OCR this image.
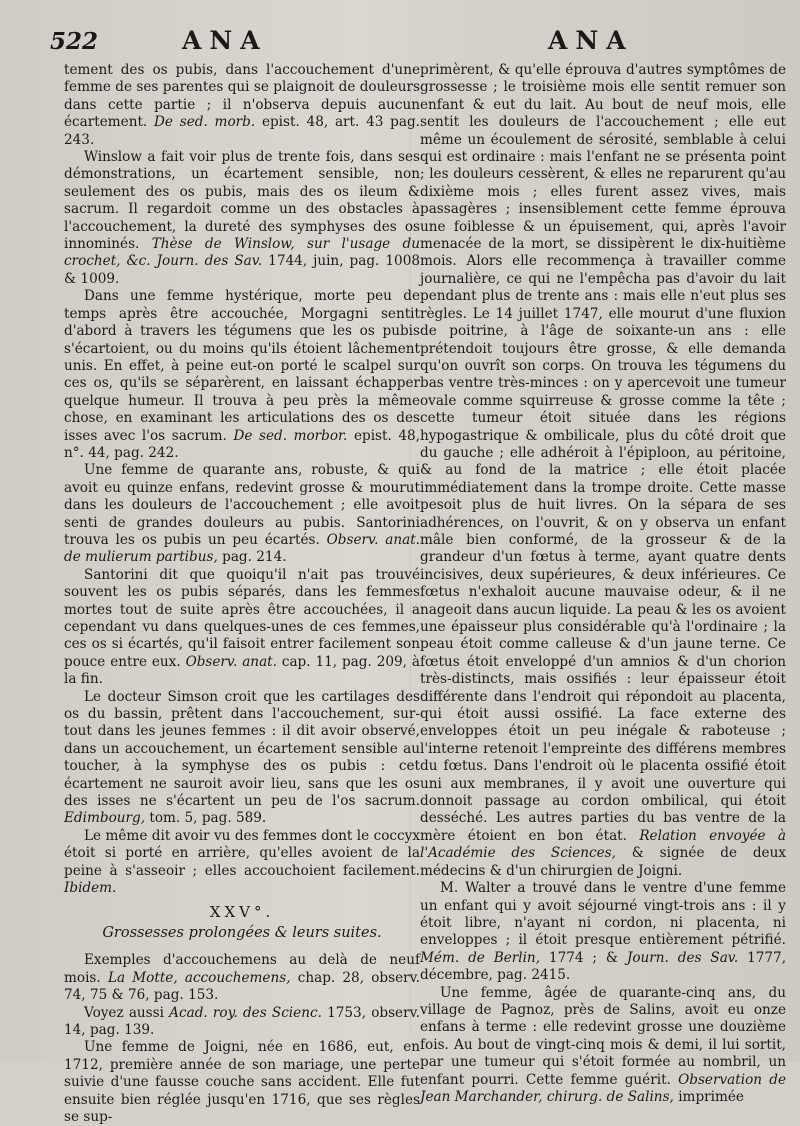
522	ANA	ANA

tement des os pubis, dans l'accouchement d'une femme de ses parentes qui se plaignoit de douleurs dans cette partie ; il n'observa depuis aucun écartement. De sed. morb. epist. 48, art. 43 pag. 243.

Winslow a fait voir plus de trente fois, dans ses démonstrations, un écartement sensible, non seulement des os pubis, mais des os ileum & sacrum. Il regardoit comme un des obstacles à l'accouchement, la dureté des symphyses des os innominés. Thèse de Winslow, sur l'usage du crochet, &c. Journ. des Sav. 1744, juin, pag. 1008 & 1009.

Dans une femme hystérique, morte peu de temps après être accouchée, Morgagni sentit d'abord à travers les tégumens que les os pubis s'écartoient, ou du moins qu'ils étoient lâchement unis. En effet, à peine eut-on porté le scalpel sur ces os, qu'ils se séparèrent, en laissant échapper quelque humeur. Il trouva à peu près la même chose, en examinant les articulations des os des isses avec l'os sacrum. De sed. morbor. epist. 48, n°. 44, pag. 242.

Une femme de quarante ans, robuste, & qui avoit eu quinze enfans, redevint grosse & mourut dans les douleurs de l'accouchement ; elle avoit senti de grandes douleurs au pubis. Santorini trouva les os pubis un peu écartés. Observ. anat. de mulierum partibus, pag. 214.

Santorini dit que quoiqu'il n'ait pas trouvé souvent les os pubis séparés, dans les femmes mortes tout de suite après être accouchées, il a cependant vu dans quelques-unes de ces femmes, ces os si écartés, qu'il faisoit entrer facilement son pouce entre eux. Observ. anat. cap. 11, pag. 209, à la fin.

Le docteur Simson croit que les cartilages des os du bassin, prêtent dans l'accouchement, sur-tout dans les jeunes femmes : il dit avoir observé, dans un accouchement, un écartement sensible au toucher, à la symphyse des os pubis : cet écartement ne sauroit avoir lieu, sans que les os des isses ne s'écartent un peu de l'os sacrum. Edimbourg, tom. 5, pag. 589.

Le même dit avoir vu des femmes dont le coccyx étoit si porté en arrière, qu'elles avoient de la peine à s'asseoir ; elles accouchoient facilement. Ibidem.

XXV°.
Grossesses prolongées & leurs suites.

Exemples d'accouchemens au delà de neuf mois. La Motte, accouchemens, chap. 28, observ. 74, 75 & 76, pag. 153.

Voyez aussi Acad. roy. des Scienc. 1753, observ. 14, pag. 139.

Une femme de Joigni, née en 1686, eut, en 1712, première année de son mariage, une perte suivie d'une fausse couche sans accident. Elle fut ensuite bien réglée jusqu'en 1716, que ses règles se sup-

primèrent, & qu'elle éprouva d'autres symptômes de grossesse ; le troisième mois elle sentit remuer son enfant & eut du lait. Au bout de neuf mois, elle sentit les douleurs de l'accouchement ; elle eut même un écoulement de sérosité, semblable à celui qui est ordinaire : mais l'enfant ne se présenta point ; les douleurs cessèrent, & elles ne reparurent qu'au dixième mois ; elles furent assez vives, mais passagères ; insensiblement cette femme éprouva une foiblesse & un épuisement, qui, après l'avoir menacée de la mort, se dissipèrent le dix-huitième mois. Alors elle recommença à travailler comme journalière, ce qui ne l'empêcha pas d'avoir du lait pendant plus de trente ans : mais elle n'eut plus ses règles. Le 14 juillet 1747, elle mourut d'une fluxion de poitrine, à l'âge de soixante-un ans : elle prétendoit toujours être grosse, & elle demanda qu'on ouvrît son corps. On trouva les tégumens du bas ventre très-minces : on y apercevoit une tumeur ovale comme squirreuse & grosse comme la tête ; cette tumeur étoit située dans les régions hypogastrique & ombilicale, plus du côté droit que du gauche ; elle adhéroit à l'épiploon, au péritoine, & au fond de la matrice ; elle étoit placée immédiatement dans la trompe droite. Cette masse pesoit plus de huit livres. On la sépara de ses adhérences, on l'ouvrit, & on y observa un enfant mâle bien conformé, de la grosseur & de la grandeur d'un fœtus à terme, ayant quatre dents incisives, deux supérieures, & deux inférieures. Ce fœtus n'exhaloit aucune mauvaise odeur, & il ne nageoit dans aucun liquide. La peau & les os avoient une épaisseur plus considérable qu'à l'ordinaire ; la peau étoit comme calleuse & d'un jaune terne. Ce fœtus étoit enveloppé d'un amnios & d'un chorion très-distincts, mais ossifiés : leur épaisseur étoit différente dans l'endroit qui répondoit au placenta, qui étoit aussi ossifié. La face externe des enveloppes étoit un peu inégale & raboteuse ; l'interne retenoit l'empreinte des différens membres du fœtus. Dans l'endroit où le placenta ossifié étoit uni aux membranes, il y avoit une ouverture qui donnoit passage au cordon ombilical, qui étoit desséché. Les autres parties du bas ventre de la mère étoient en bon état. Relation envoyée à l'Académie des Sciences, & signée de deux médecins & d'un chirurgien de Joigni.

M. Walter a trouvé dans le ventre d'une femme un enfant qui y avoit séjourné vingt-trois ans : il y étoit libre, n'ayant ni cordon, ni placenta, ni enveloppes ; il étoit presque entièrement pétrifié. Mém. de Berlin, 1774 ; & Journ. des Sav. 1777, décembre, pag. 2415.

Une femme, âgée de quarante-cinq ans, du village de Pagnoz, près de Salins, avoit eu onze enfans à terme : elle redevint grosse une douzième fois. Au bout de vingt-cinq mois & demi, il lui sortit, par une tumeur qui s'étoit formée au nombril, un enfant pourri. Cette femme guérit. Observation de Jean Marchander, chirurg. de Salins, imprimée
